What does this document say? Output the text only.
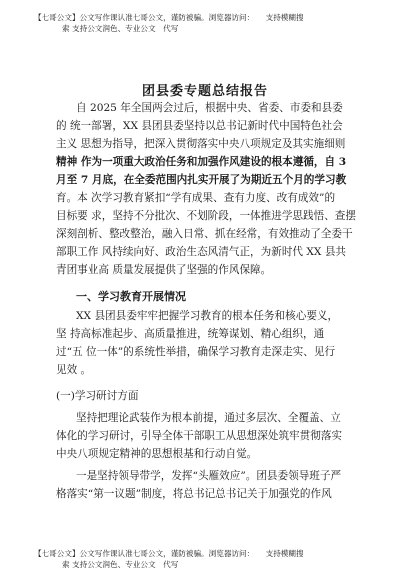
【七哥公文】公文写作课认准七哥公文，谨防被骗。浏览器访问：　　支持模糊搜
索 支持公文润色、专业公文　代写
团县委专题总结报告
自 2025 年全国两会过后，根据中央、省委、市委和县委
的 统一部署，XX 县团县委坚持以总书记新时代中国特色社会
主义 思想为指导，把深入贯彻落实中央八项规定及其实施细则
精神 作为一项重大政治任务和加强作风建设的根本遵循，自 3
月至 7 月底，在全委范围内扎实开展了为期近五个月的学习教
育。本 次学习教育紧扣“学有成果、查有力度、改有成效”的
目标要 求，坚持不分批次、不划阶段，一体推进学思践悟、查摆
深刻剖析、整改整治，融入日常、抓在经常，有效推动了全委干
部职工作 风持续向好、政治生态风清气正，为新时代 XX 县共
青团事业高 质量发展提供了坚强的作风保障。
一、学习教育开展情况
XX 县团县委牢牢把握学习教育的根本任务和核心要义，
坚 持高标准起步、高质量推进，统筹谋划、精心组织，通
过“五 位一体”的系统性举措，确保学习教育走深走实、见行
见效 。
(一)学习研讨方面
坚持把理论武装作为根本前提，通过多层次、全覆盖、立
体化的学习研讨，引导全体干部职工从思想深处筑牢贯彻落实
中央八项规定精神的思想根基和行动自觉。
一是坚持领导带学，发挥“头雁效应”。团县委领导班子严
格落实“第一议题”制度，将总书记总书记关于加强党的作风
【七哥公文】公文写作课认准七哥公文，谨防被骗。浏览器访问：　　支持模糊搜
索 支持公文润色、专业公文　代写
